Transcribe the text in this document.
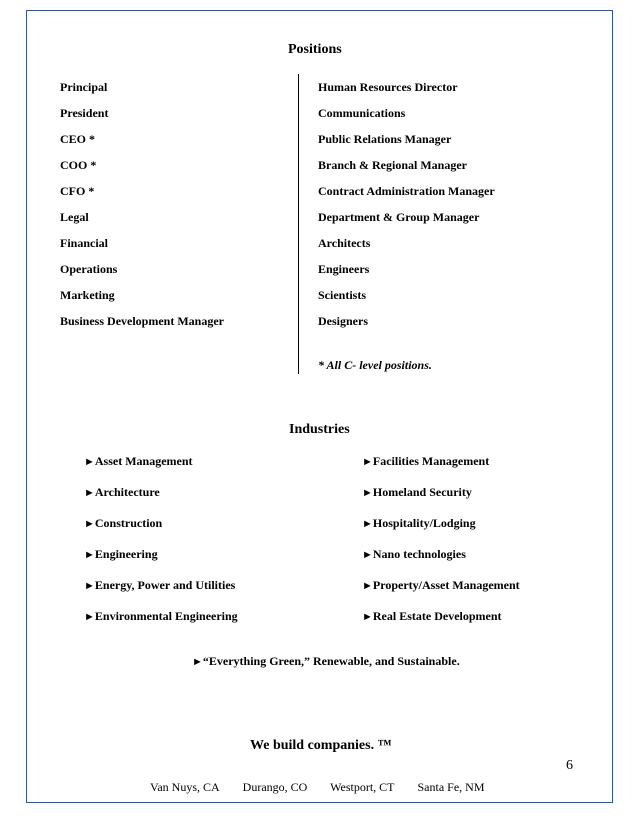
Positions
Principal
President
CEO *
COO *
CFO *
Legal
Financial
Operations
Marketing
Business Development Manager
Human Resources Director
Communications
Public Relations Manager
Branch & Regional Manager
Contract Administration Manager
Department & Group Manager
Architects
Engineers
Scientists
Designers
* All C- level positions.
Industries
►Asset Management
►Architecture
►Construction
►Engineering
►Energy, Power and Utilities
►Environmental Engineering
►Facilities Management
►Homeland Security
►Hospitality/Lodging
►Nano technologies
►Property/Asset Management
►Real Estate Development
►“Everything Green,” Renewable, and Sustainable.
We build companies. ™
6
Van Nuys, CA Durango, CO Westport, CT Santa Fe, NM
